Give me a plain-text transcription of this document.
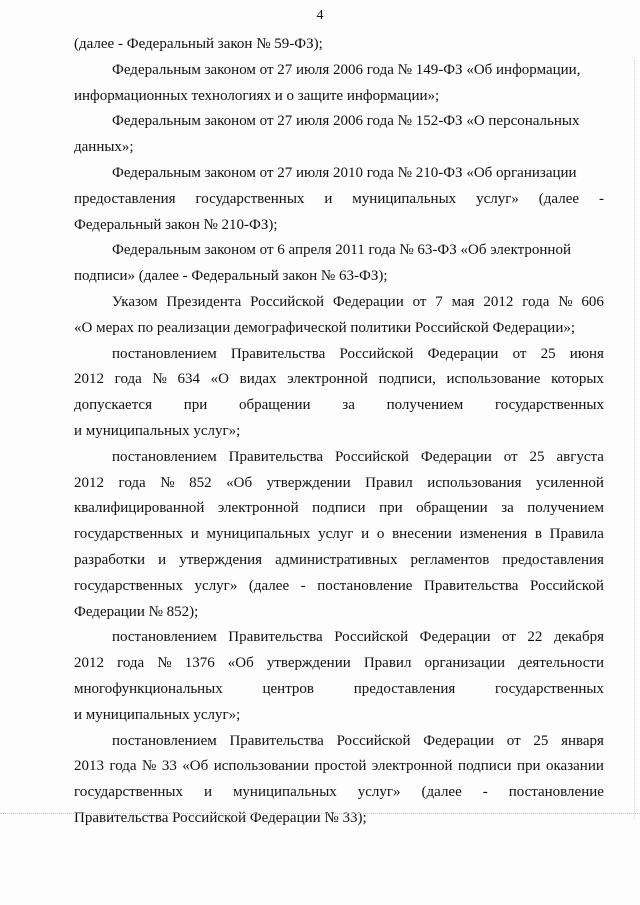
4
(далее - Федеральный закон № 59-ФЗ);
Федеральным законом от 27 июля 2006 года № 149-ФЗ «Об информации,
информационных технологиях и о защите информации»;
Федеральным законом от 27 июля 2006 года № 152-ФЗ «О персональных
данных»;
Федеральным законом от 27 июля 2010 года № 210-ФЗ «Об организации
предоставления государственных и муниципальных услуг» (далее -
Федеральный закон № 210-ФЗ);
Федеральным законом от 6 апреля 2011 года № 63-ФЗ «Об электронной
подписи» (далее - Федеральный закон № 63-ФЗ);
Указом Президента Российской Федерации от 7 мая 2012 года № 606
«О мерах по реализации демографической политики Российской Федерации»;
постановлением Правительства Российской Федерации от 25 июня
2012 года № 634 «О видах электронной подписи, использование которых
допускается при обращении за получением государственных
и муниципальных услуг»;
постановлением Правительства Российской Федерации от 25 августа
2012 года № 852 «Об утверждении Правил использования усиленной
квалифицированной электронной подписи при обращении за получением
государственных и муниципальных услуг и о внесении изменения в Правила
разработки и утверждения административных регламентов предоставления
государственных услуг» (далее - постановление Правительства Российской
Федерации № 852);
постановлением Правительства Российской Федерации от 22 декабря
2012 года № 1376 «Об утверждении Правил организации деятельности
многофункциональных	центров	предоставления	государственных
и муниципальных услуг»;
постановлением Правительства Российской Федерации от 25 января
2013 года № 33 «Об использовании простой электронной подписи при оказании
государственных и муниципальных услуг» (далее - постановление
Правительства Российской Федерации № 33);
